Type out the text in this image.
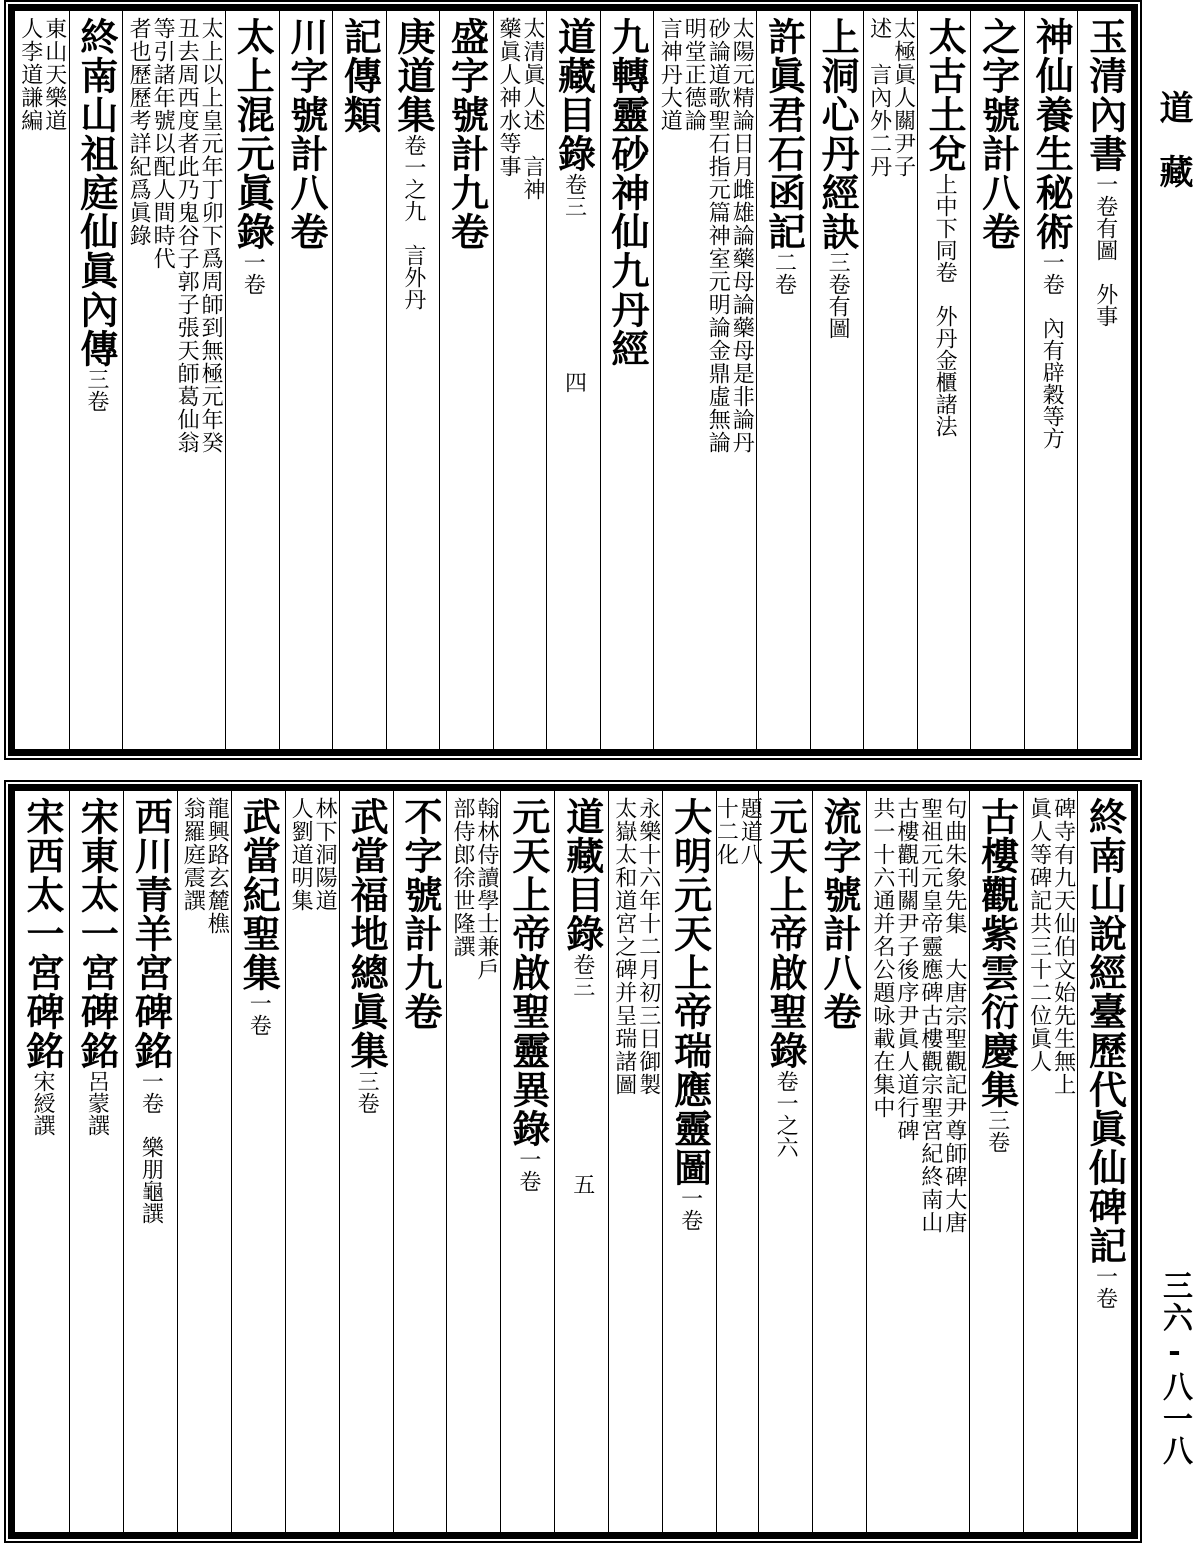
玉清內書一卷有圖　外事
神仙養生秘術一卷　內有辟穀等方
之字號計八卷
太古土兌上中下同卷　外丹金櫃諸法
太極眞人關尹子
述　言內外二丹
上洞心丹經訣三卷有圖
許眞君石函記二卷
太陽元精論日月雌雄論藥母論藥母是非論丹
砂論道歌聖石指元篇神室元明論金鼎虛無論
明堂正德論
言神丹大道
九轉靈砂神仙九丹經
道藏目錄卷三　　　　　　　四
太清眞人述　言神
藥眞人神水等事
盛字號計九卷
庚道集卷一之九　言外丹
記傳類
川字號計八卷
太上混元眞錄一卷
太上以上皇元年丁卯下爲周師到無極元年癸
丑去周西度者此乃鬼谷子郭子張天師葛仙翁
等引諸年號以配人間時代
者也歷歷考詳紀爲眞錄
終南山祖庭仙眞內傳三卷
東山天樂道
人李道謙編
終南山說經臺歷代眞仙碑記一卷
碑寺有九天仙伯文始先生無上
眞人等碑記共三十二位眞人
古樓觀紫雲衍慶集三卷
句曲朱象先集　大唐宗聖觀記尹尊師碑大唐
聖祖元元皇帝靈應碑古樓觀宗聖宮紀終南山
古樓觀刊關尹子後序尹眞人道行碑
共一十六通并名公題咏載在集中
流字號計八卷
元天上帝啟聖錄卷一之六
題道八
十二化
大明元天上帝瑞應靈圖一卷
永樂十六年十二月初三日御製
太嶽太和道宮之碑并呈瑞諸圖
道藏目錄卷三　　　　　　　　五
元天上帝啟聖靈異錄一卷
翰林侍讀學士兼戶
部侍郎徐世隆譔
不字號計九卷
武當福地總眞集三卷
林下洞陽道
人劉道明集
武當紀聖集一卷
龍興路玄麓樵
翁羅庭震譔
西川青羊宮碑銘一卷　樂朋龜譔
宋東太一宮碑銘呂蒙譔
宋西太一宮碑銘宋綬譔
道藏
三六-八一八
